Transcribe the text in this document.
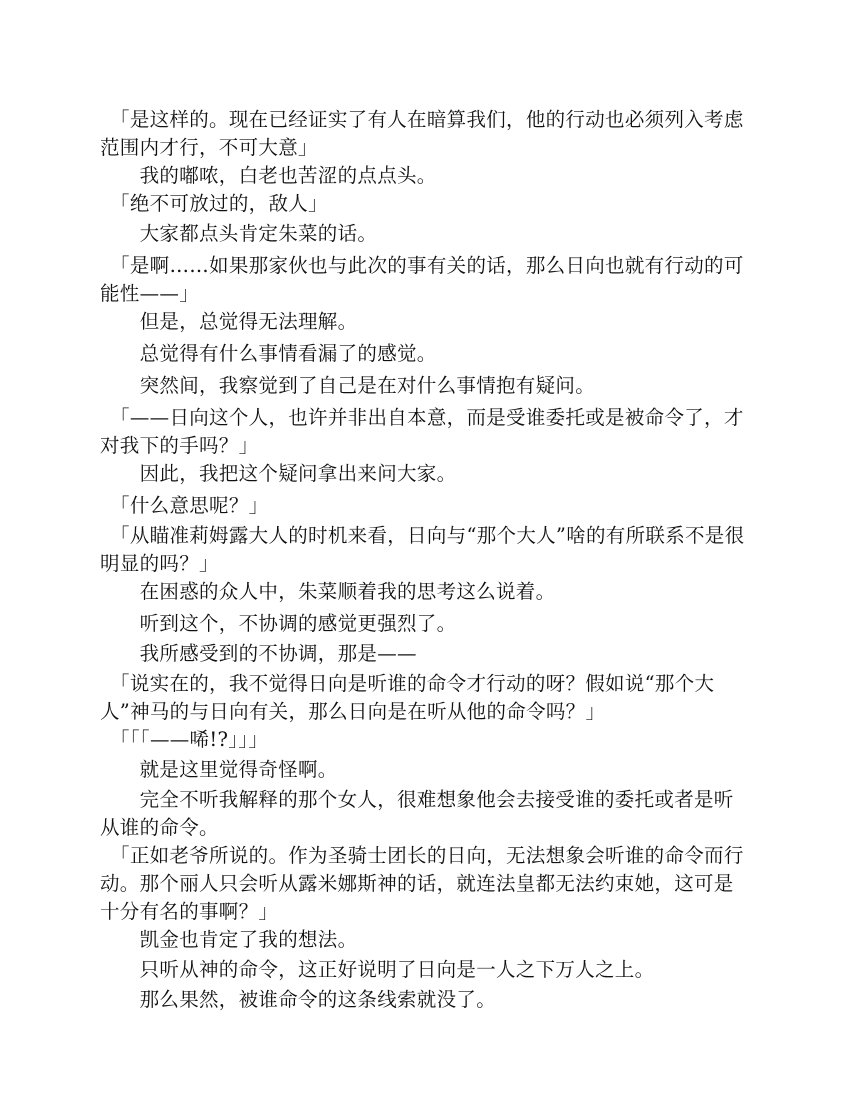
　「是这样的。现在已经证实了有人在暗算我们，他的行动也必须列入考虑范围内才行，不可大意」

　　我的嘟哝，白老也苦涩的点点头。

　「绝不可放过的，敌人」

　　大家都点头肯定朱菜的话。

　「是啊……如果那家伙也与此次的事有关的话，那么日向也就有行动的可能性——」

　　但是，总觉得无法理解。

　　总觉得有什么事情看漏了的感觉。

　　突然间，我察觉到了自己是在对什么事情抱有疑问。

　「——日向这个人，也许并非出自本意，而是受谁委托或是被命令了，才对我下的手吗？」

　　因此，我把这个疑问拿出来问大家。

　「什么意思呢？」

　「从瞄准莉姆露大人的时机来看，日向与“那个大人”啥的有所联系不是很明显的吗？」

　　在困惑的众人中，朱菜顺着我的思考这么说着。

　　听到这个，不协调的感觉更强烈了。

　　我所感受到的不协调，那是——

　「说实在的，我不觉得日向是听谁的命令才行动的呀？假如说“那个大人”神马的与日向有关，那么日向是在听从他的命令吗？」

　「「「——唏!?」」」

　　就是这里觉得奇怪啊。

　　完全不听我解释的那个女人，很难想象他会去接受谁的委托或者是听从谁的命令。

　「正如老爷所说的。作为圣骑士团长的日向，无法想象会听谁的命令而行动。那个丽人只会听从露米娜斯神的话，就连法皇都无法约束她，这可是十分有名的事啊？」

　　凯金也肯定了我的想法。

　　只听从神的命令，这正好说明了日向是一人之下万人之上。

　　那么果然，被谁命令的这条线索就没了。
